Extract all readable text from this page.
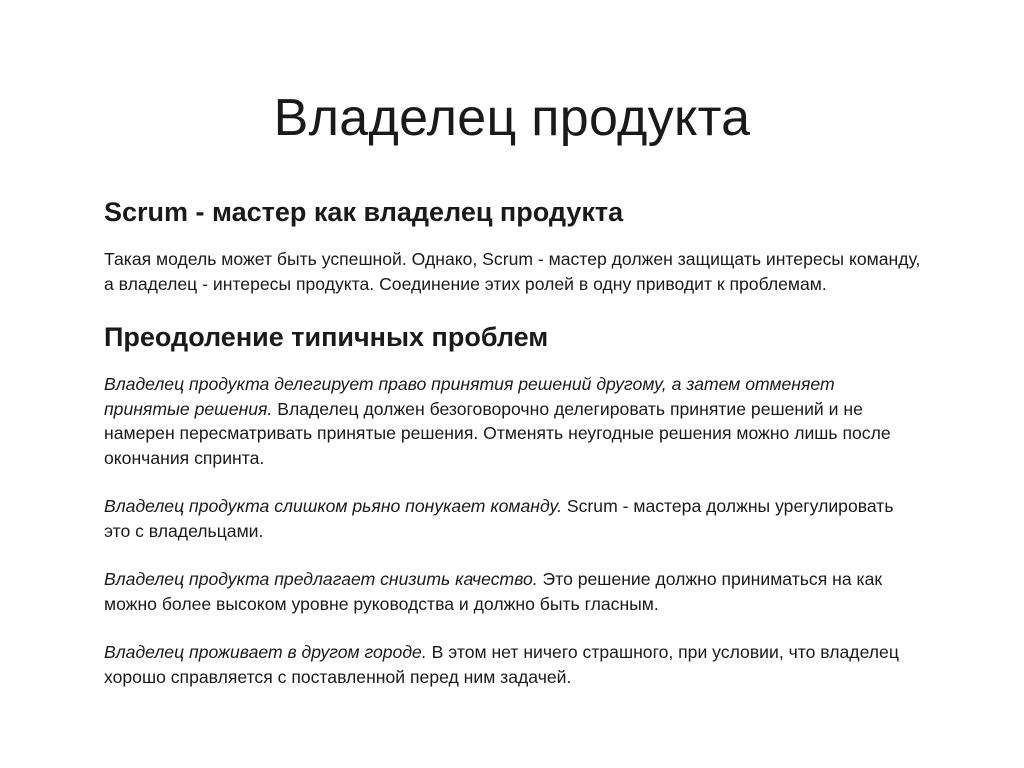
Владелец продукта
Scrum - мастер как владелец продукта

Такая модель может быть успешной. Однако, Scrum - мастер должен защищать интересы команду, а владелец - интересы продукта. Соединение этих ролей в одну приводит к проблемам.

Преодоление типичных проблем

Владелец продукта делегирует право принятия решений другому, а затем отменяет принятые решения. Владелец должен безоговорочно делегировать принятие решений и не намерен пересматривать принятые решения. Отменять неугодные решения можно лишь после окончания спринта.

Владелец продукта слишком рьяно понукает команду. Scrum - мастера должны урегулировать это с владельцами.

Владелец продукта предлагает снизить качество. Это решение должно приниматься на как можно более высоком уровне руководства и должно быть гласным.

Владелец проживает в другом городе. В этом нет ничего страшного, при условии, что владелец хорошо справляется с поставленной перед ним задачей.
